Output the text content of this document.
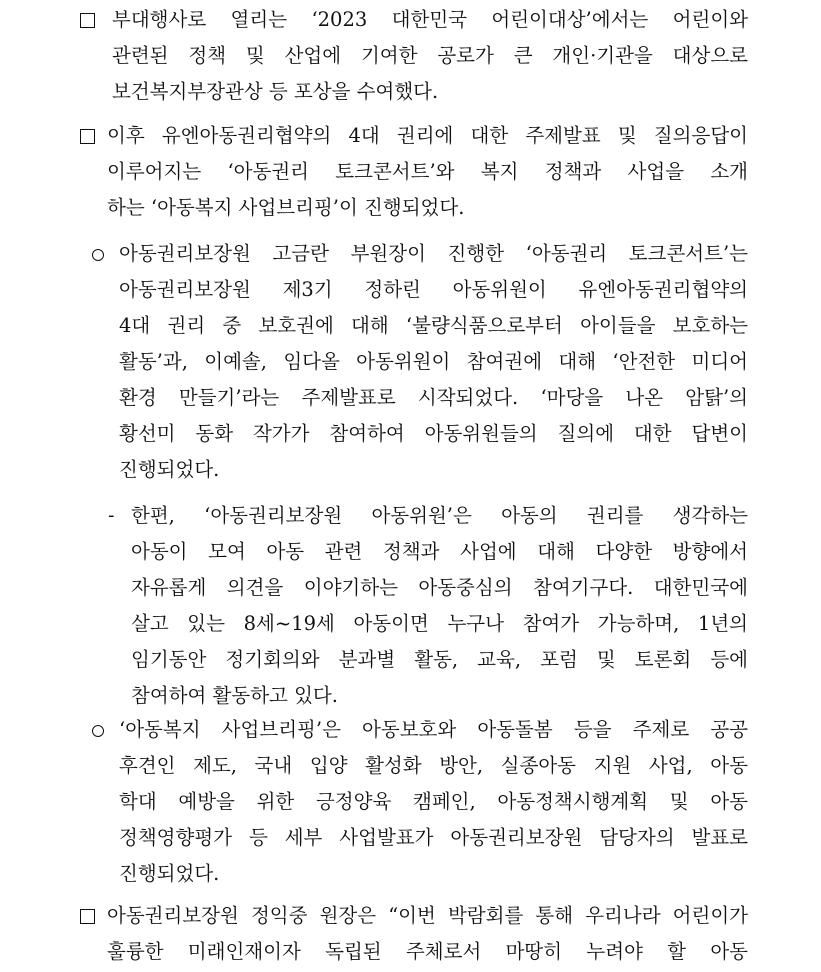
부대행사로 열리는 ‘2023 대한민국 어린이대상’에서는 어린이와
관련된 정책 및 산업에 기여한 공로가 큰 개인·기관을 대상으로
보건복지부장관상 등 포상을 수여했다.
이후 유엔아동권리협약의 4대 권리에 대한 주제발표 및 질의응답이
이루어지는 ‘아동권리 토크콘서트’와 복지 정책과 사업을 소개
하는 ‘아동복지 사업브리핑’이 진행되었다.
아동권리보장원 고금란 부원장이 진행한 ‘아동권리 토크콘서트’는
아동권리보장원 제3기 정하린 아동위원이 유엔아동권리협약의
4대 권리 중 보호권에 대해 ‘불량식품으로부터 아이들을 보호하는
활동’과, 이예솔, 임다올 아동위원이 참여권에 대해 ‘안전한 미디어
환경 만들기’라는 주제발표로 시작되었다. ‘마당을 나온 암탉’의
황선미 동화 작가가 참여하여 아동위원들의 질의에 대한 답변이
진행되었다.
- 한편, ‘아동권리보장원 아동위원’은 아동의 권리를 생각하는
아동이 모여 아동 관련 정책과 사업에 대해 다양한 방향에서
자유롭게 의견을 이야기하는 아동중심의 참여기구다. 대한민국에
살고 있는 8세~19세 아동이면 누구나 참여가 가능하며, 1년의
임기동안 정기회의와 분과별 활동, 교육, 포럼 및 토론회 등에
참여하여 활동하고 있다.
‘아동복지 사업브리핑’은 아동보호와 아동돌봄 등을 주제로 공공
후견인 제도, 국내 입양 활성화 방안, 실종아동 지원 사업, 아동
학대 예방을 위한 긍정양육 캠페인, 아동정책시행계획 및 아동
정책영향평가 등 세부 사업발표가 아동권리보장원 담당자의 발표로
진행되었다.
아동권리보장원 정익중 원장은 “이번 박람회를 통해 우리나라 어린이가
훌륭한 미래인재이자 독립된 주체로서 마땅히 누려야 할 아동
